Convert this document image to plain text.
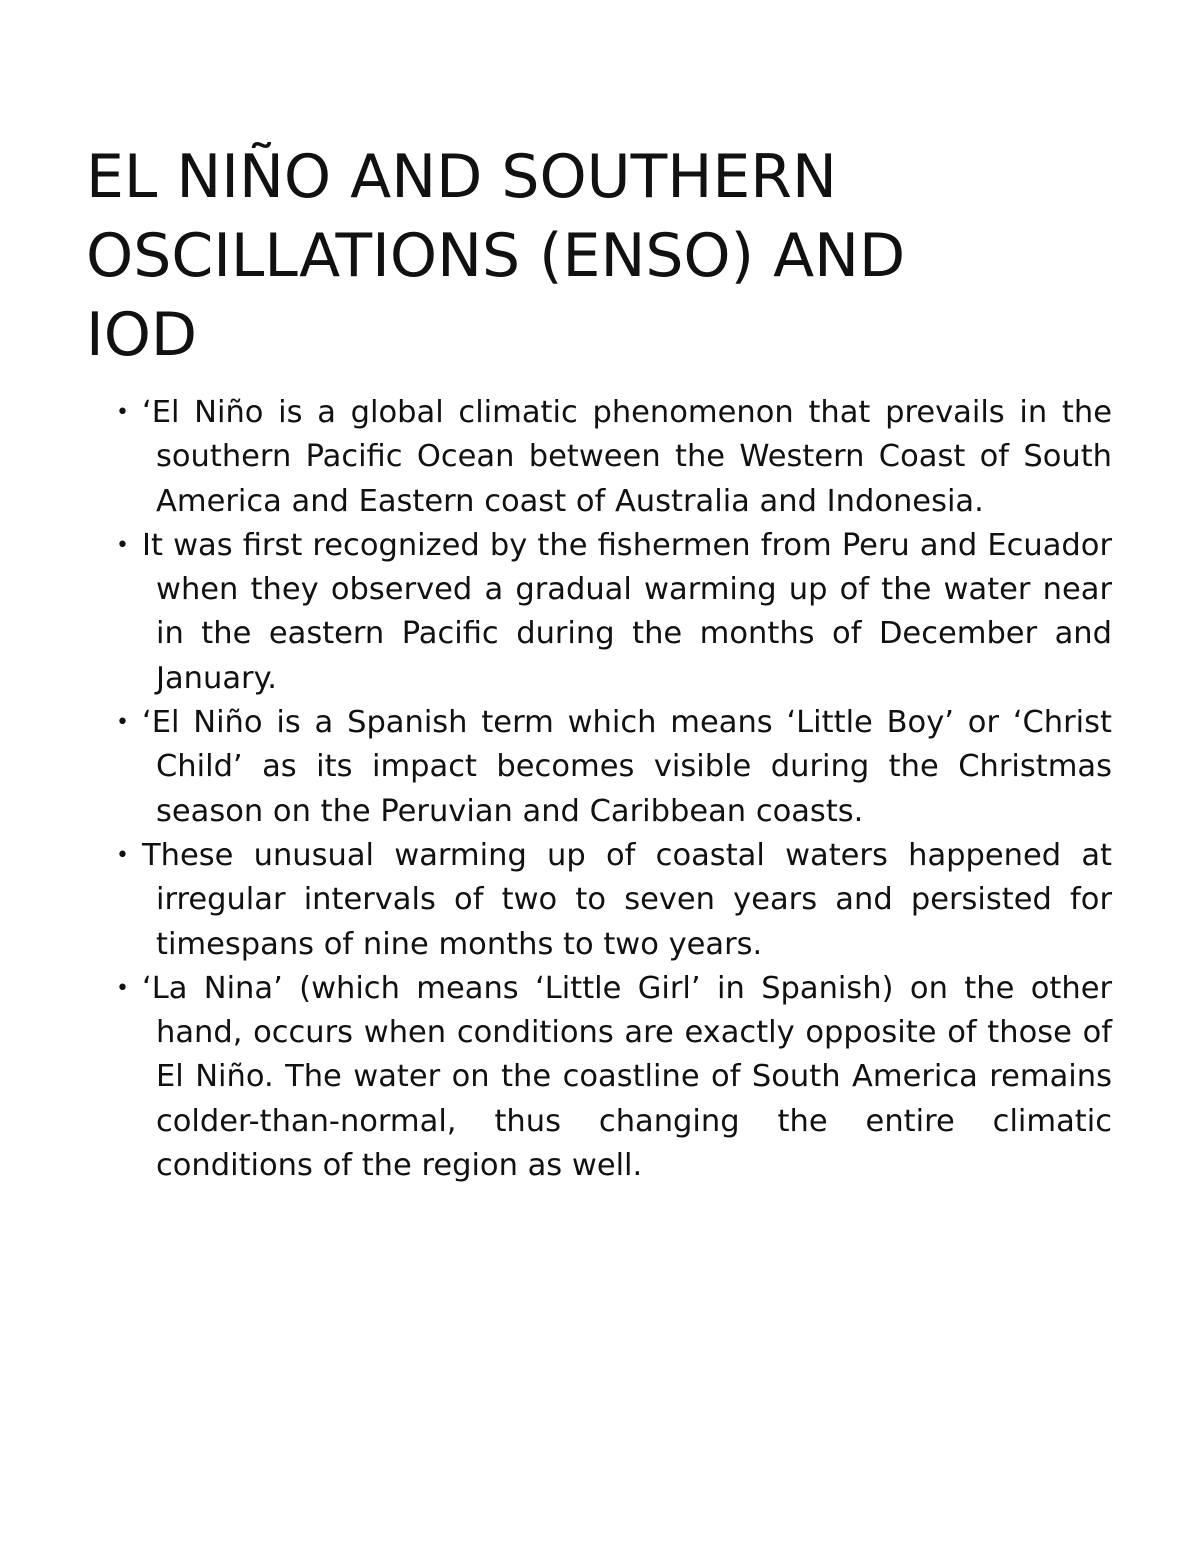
EL NIÑO AND SOUTHERN
OSCILLATIONS (ENSO) AND
IOD
• ‘El Niño is a global climatic phenomenon that prevails in the southern Pacific Ocean between the Western Coast of South America and Eastern coast of Australia and Indonesia.
• It was first recognized by the fishermen from Peru and Ecuador when they observed a gradual warming up of the water near in the eastern Pacific during the months of December and January.
• ‘El Niño is a Spanish term which means ‘Little Boy’ or ‘Christ Child’ as its impact becomes visible during the Christmas season on the Peruvian and Caribbean coasts.
• These unusual warming up of coastal waters happened at irregular intervals of two to seven years and persisted for timespans of nine months to two years.
• ‘La Nina’ (which means ‘Little Girl’ in Spanish) on the other hand, occurs when conditions are exactly opposite of those of El Niño. The water on the coastline of South America remains colder-than-normal, thus changing the entire climatic conditions of the region as well.
